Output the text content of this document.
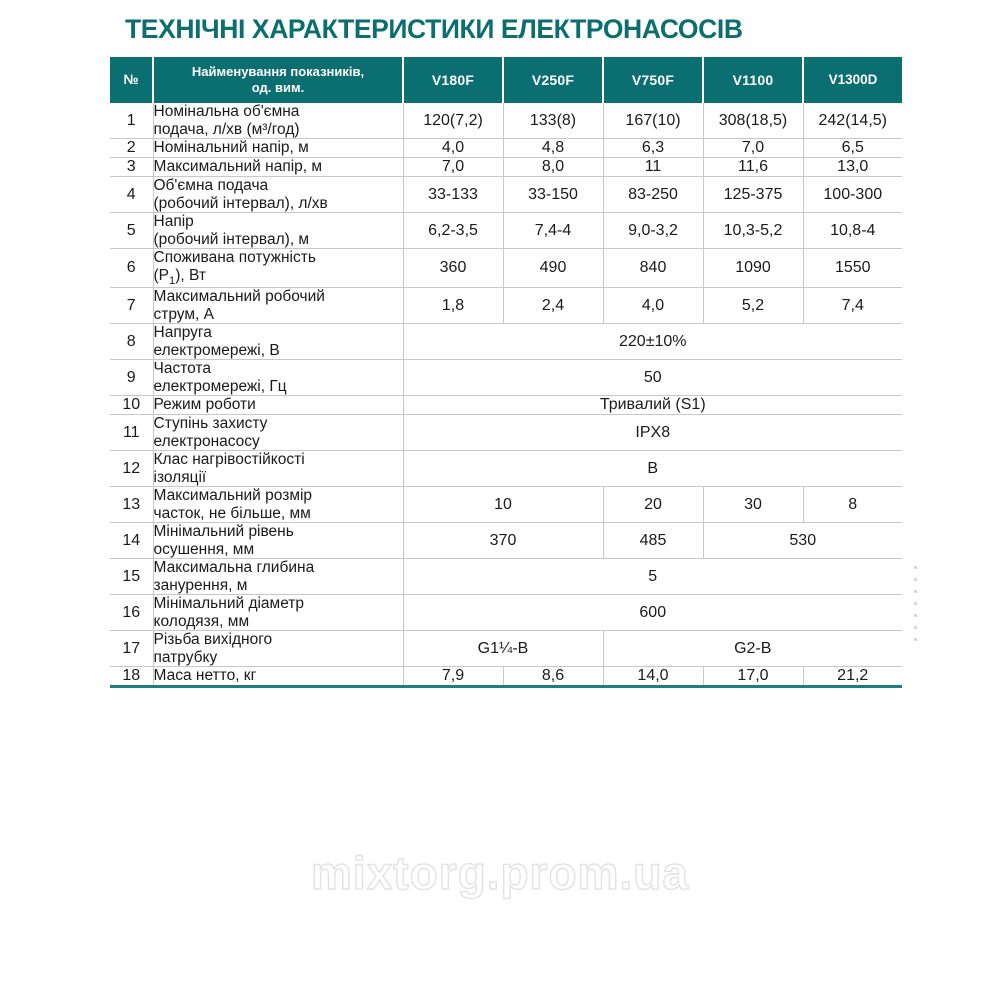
ТЕХНІЧНІ ХАРАКТЕРИСТИКИ ЕЛЕКТРОНАСОСІВ
mixtorg.prom.ua
№	Найменування показників,
од. вим.	V180F	V250F	V750F	V1100	V1300D
1	Номінальна об'ємна
подача, л/хв (м³/год)	120(7,2)	133(8)	167(10)	308(18,5)	242(14,5)
2	Номінальний напір, м	4,0	4,8	6,3	7,0	6,5
3	Максимальний напір, м	7,0	8,0	11	11,6	13,0
4	Об'ємна подача
(робочий інтервал), л/хв	33-133	33-150	83-250	125-375	100-300
5	Напір
(робочий інтервал), м	6,2-3,5	7,4-4	9,0-3,2	10,3-5,2	10,8-4
6	Споживана потужність
$(Р_1)$, Вт	360	490	840	1090	1550
7	Максимальний робочий
струм, А	1,8	2,4	4,0	5,2	7,4
8	Напруга
електромережі, В	220±10%				
9	Частота
електромережі, Гц	50				
10	Режим роботи	Тривалий (S1)				
11	Ступінь захисту
електронасосу	IPX8				
12	Клас нагрівостійкості
ізоляції	В				
13	Максимальний розмір
часток, не більше, мм	10		20	30	8
14	Мінімальний рівень
осушення, мм	370		485	530	
15	Максимальна глибина
занурення, м	5				
16	Мінімальний діаметр
колодязя, мм	600				
17	Різьба вихідного
патрубку	G1¼-В		G2-В		
18	Маса нетто, кг	7,9	8,6	14,0	17,0	21,2
